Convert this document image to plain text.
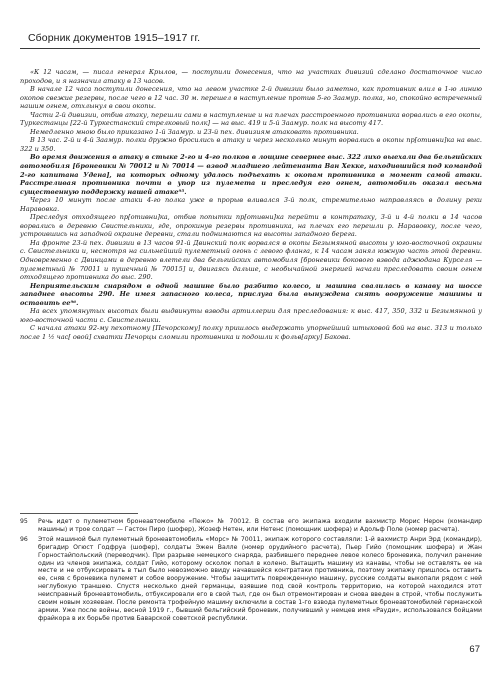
Сборник документов 1915–1917 гг.

«К 12 часам, — писал генерал Крылов, — поступили донесения, что на участках дивизий сделано достаточное число проходов, и я назначил атаку в 13 часов.

В начале 12 часа поступили донесения, что на левом участке 2-й дивизии было заметно, как противник влил в 1-ю линию окопов свежие резервы, после чего в 12 час. 30 м. перешел в наступление против 5-го Заамур. полка, но, спокойно встреченный нашим огнем, отхлынул в свои окопы.

Части 2-й дивизии, отбив атаку, перешли сами в наступление и на плечах расстроенного противника ворвались в его окопы, Туркестанцы [22-й Туркестанский стрелковый полк] — на выс. 419 и 5-й Заамур. полк на высоту 417.

Немедленно мною было приказано 1-й Заамур. и 23-й пех. дивизиям атаковать противника.

В 13 час. 2-й и 4-й Заамур. полки дружно бросились в атаку и через несколько минут ворвались в окопы пр[отивни]ка на выс. 322 и 350.

Во время движения в атаку в стыке 2-го и 4-го полков в лощине севернее выс. 322 лихо выехали два бельгийских автомобиля [броневики № 70012 и № 70014 — взвод младшего лейтенанта Ван Хекке, находившийся под командой 2-го капитана Удена], на которых одному удалось подъехать к окопам противника в момент самой атаки. Расстреливая противника почти в упор из пулемета и преследуя его огнем, автомобиль оказал весьма существенную поддержку нашей атаке⁹⁵.

Через 10 минут после атаки 4-го полка уже в прорыв вливался 3-й полк, стремительно направляясь в долину реки Наравовка.

Преследуя отходящего пр[отивни]ка, отбив попытки пр[отивни]ка перейти в контратаку, 3-й и 4-й полки в 14 часов ворвались в деревню Свистельники, где, опрокинув резервы противника, на плечах его перешли р. Наравовку, после чего, устроившись на западной окраине деревни, стали поднимаются на высоты западного берега.

На фронте 23-й пех. дивизии в 13 часов 91-й Двинский полк ворвался в окопы Безымянной высоты у юго-восточной окраины с. Свистельники и, несмотря на сильнейший пулеметный огонь с левого фланга, к 14 часам занял южную часть этой деревни. Одновременно с Двинцами в деревню влетели два бельгийских автомобиля [броневики бокового взвода аджюдана Курселя — пулеметный № 70011 и пушечный № 70015] и, двигаясь дальше, с необычайной энергией начали преследовать своим огнем отходящего противника до выс. 290.

Неприятельским снарядом в одной машине было разбито колесо, и машина свалилась в канаву на шоссе западнее высоты 290. Не имея запасного колеса, прислуга была вынуждена снять вооружение машины и оставить ее⁹⁶.

На всех упомянутых высотах были выдвинуты взводы артиллерии для преследования: к выс. 417, 350, 332 и Безымянной у юго-восточной части с. Свистельники.

С начала атаки 92-му пехотному [Печорскому] полку пришлось выдержать упорнейший штыковой бой на выс. 313 и только после 1 ½ час[ овой] схватки Печорцы сломили противника и подошли к фольв[арку] Бакова.

95 Речь идет о пулеметном бронеавтомобиле «Пежо» № 70012. В состав его экипажа входили вахмистр Морис Нерон (командир машины) и трое солдат — Гастон Пиро (шофер), Жозеф Нетен, или Нетенс (помощник шофера) и Адольф Поле (номер расчета).
96 Этой машиной был пулеметный бронеавтомобиль «Морс» № 70011, экипаж которого составляли: 1-й вахмистр Анри Эрд (командир), бригадир Огюст Годфруа (шофер), солдаты Эжен Валле (номер орудийного расчета), Пьер Гийо (помощник шофера) и Жан Горностайпольский (переводчик). При разрыве немецкого снаряда, разбившего переднее левое колесо броневика, получил ранение один из членов экипажа, солдат Гийо, которому осколок попал в колено. Вытащить машину из канавы, чтобы не оставлять ее на месте и не отбуксировать в тыл было невозможно ввиду начавшейся контратаки противника, поэтому экипажу пришлось оставить ее, сняв с броневика пулемет и собое вооружение. Чтобы защитить поврежденную машину, русские солдаты выкопали рядом с ней неглубокую траншею. Спустя несколько дней германцы, взявшие под свой контроль территорию, на которой находился этот неисправный бронеавтомобиль, отбуксировали его в свой тыл, где он был отремонтирован и снова введен в строй, чтобы послужить своим новым хозяевам. После ремонта трофейную машину включили в состав 1-го взвода пулеметных бронеавтомобилей германской армии. Уже после войны, весной 1919 г., бывший бельгийский броневик, получивший у немцев имя «Рауди», использовался бойцами фрайкора в их борьбе против Баварской советской республики.
67
